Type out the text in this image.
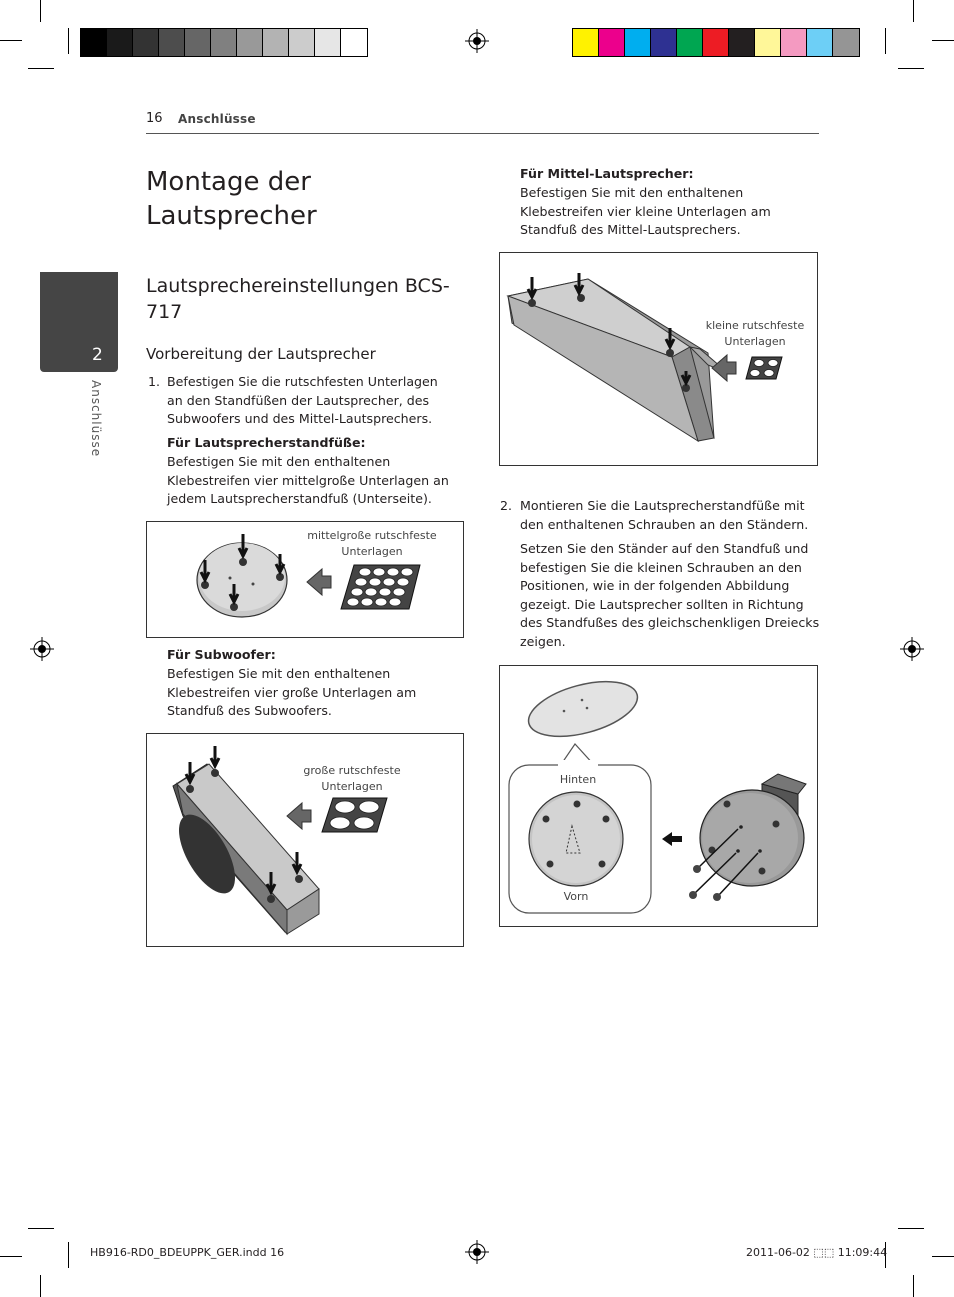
16 Anschlüsse
2
Anschlüsse
Montage der Lautsprecher
Lautsprechereinstellungen BCS-717
Vorbereitung der Lautsprecher
1. Befestigen Sie die rutschfesten Unterlagen an den Standfüßen der Lautsprecher, des Subwoofers und des Mittel-Lautsprechers.
Für Lautsprecherstandfüße:
Befestigen Sie mit den enthaltenen Klebestreifen vier mittelgroße Unterlagen an jedem Lautsprecherstandfuß (Unterseite).
mittelgroße rutschfeste Unterlagen
Für Subwoofer:
Befestigen Sie mit den enthaltenen Klebestreifen vier große Unterlagen am Standfuß des Subwoofers.
große rutschfeste Unterlagen
Für Mittel-Lautsprecher:
Befestigen Sie mit den enthaltenen Klebestreifen vier kleine Unterlagen am Standfuß des Mittel-Lautsprechers.
kleine rutschfeste Unterlagen
2. Montieren Sie die Lautsprecherstandfüße mit den enthaltenen Schrauben an den Ständern.
Setzen Sie den Ständer auf den Standfuß und befestigen Sie die kleinen Schrauben an den Positionen, wie in der folgenden Abbildung gezeigt. Die Lautsprecher sollten in Richtung des Standfußes des gleichschenkligen Dreiecks zeigen.
Hinten
Vorn
HB916-RD0_BDEUPPK_GER.indd 16	2011-06-02 ⬚⬚ 11:09:44
